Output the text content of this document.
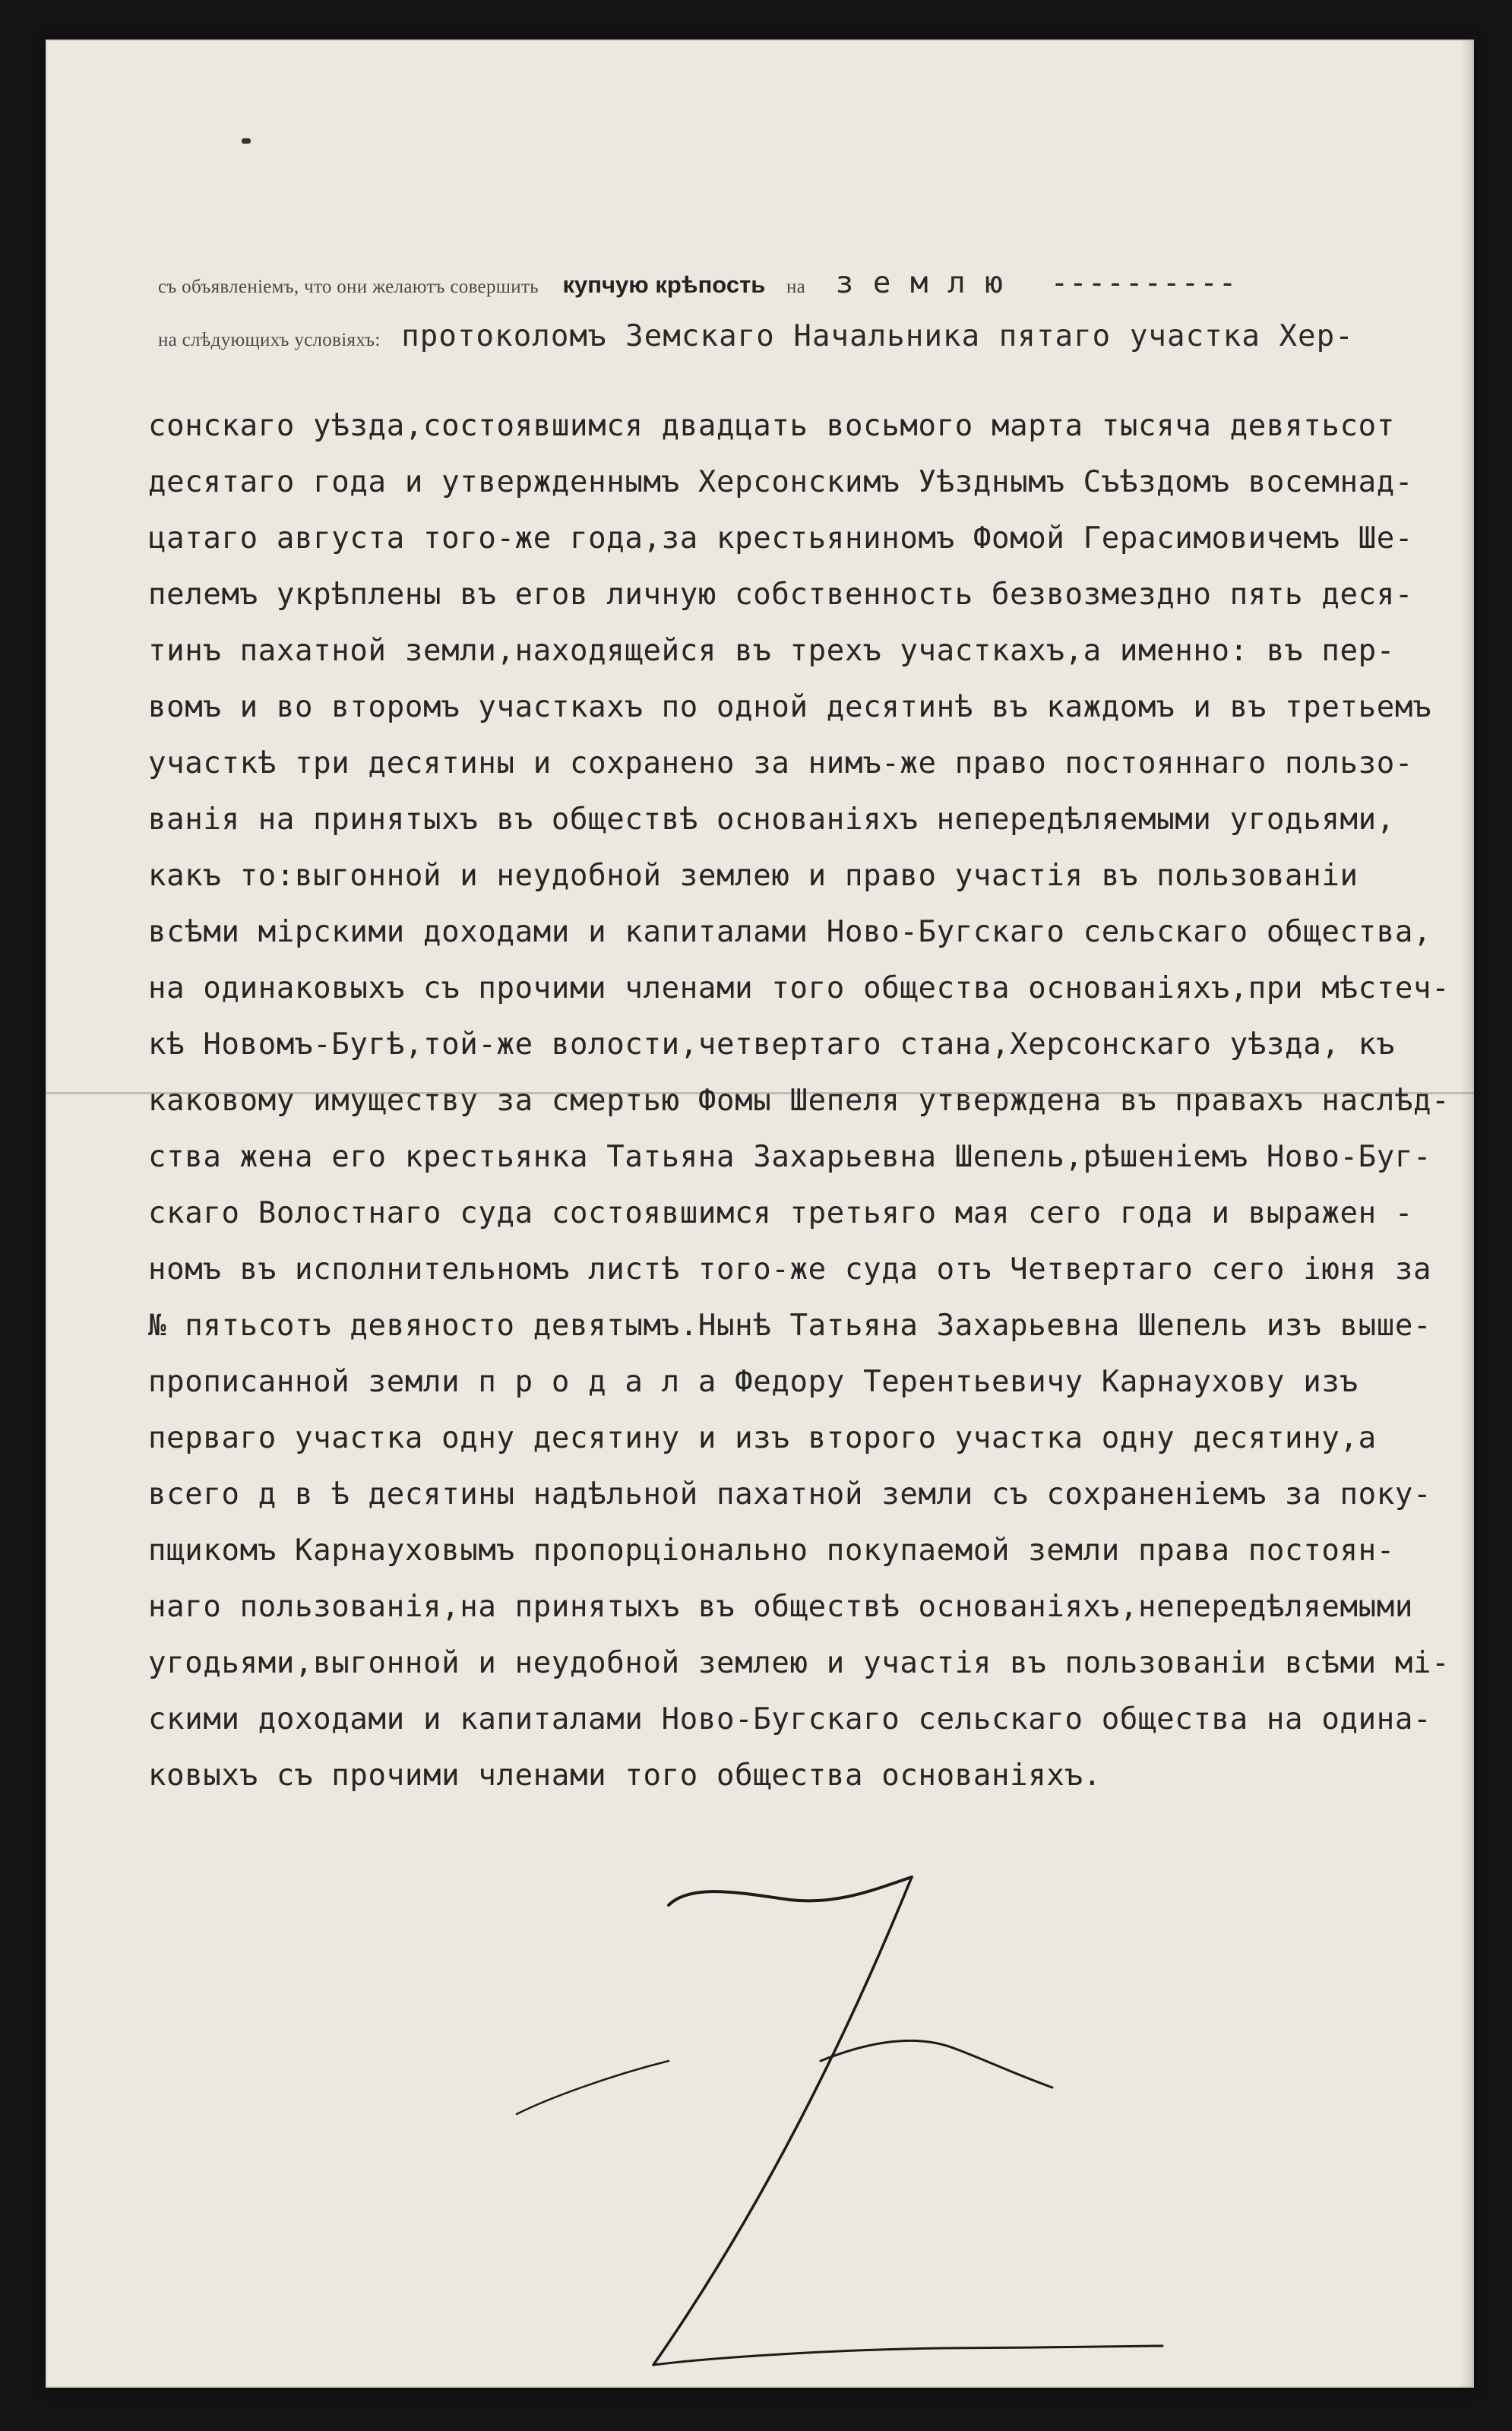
съ объявленіемъ, что они желаютъ совершить купчую крѣпость на з е м л ю ----------
на слѣдующихъ условіяхъ: протоколомъ Земскаго Начальника пятаго участка Хер-
сонскаго уѣзда,состоявшимся двадцать восьмого марта тысяча девятьсот
десятаго года и утвержденнымъ Херсонскимъ Уѣзднымъ Съѣздомъ восемнад-
цатаго августа того-же года,за крестьяниномъ Фомой Герасимовичемъ Ше-
пелемъ укрѣплены въ егов личную собственность безвозмездно пять деся-
тинъ пахатной земли,находящейся въ трехъ участкахъ,а именно: въ пер-
вомъ и во второмъ участкахъ по одной десятинѣ въ каждомъ и въ третьемъ
участкѣ три десятины и сохранено за нимъ-же право постояннаго пользо-
ванія на принятыхъ въ обществѣ основаніяхъ непередѣляемыми угодьями,
какъ то:выгонной и неудобной землею и право участія въ пользованіи
всѣми мірскими доходами и капиталами Ново-Бугскаго сельскаго общества,
на одинаковыхъ съ прочими членами того общества основаніяхъ,при мѣстеч-
кѣ Новомъ-Бугѣ,той-же волости,четвертаго стана,Херсонскаго уѣзда, къ
каковому имуществу за смертью Фомы Шепеля утверждена въ правахъ наслѣд-
ства жена его крестьянка Татьяна Захарьевна Шепель,рѣшеніемъ Ново-Буг-
скаго Волостнаго суда состоявшимся третьяго мая сего года и выражен -
номъ въ исполнительномъ листѣ того-же суда отъ Четвертаго сего іюня за
№ пятьсотъ девяносто девятымъ.Нынѣ Татьяна Захарьевна Шепель изъ выше-
прописанной земли п р о д а л а Федору Терентьевичу Карнаухову изъ
перваго участка одну десятину и изъ второго участка одну десятину,а
всего д в ѣ десятины надѣльной пахатной земли съ сохраненіемъ за поку-
пщикомъ Карнауховымъ пропорціонально покупаемой земли права постоян-
наго пользованія,на принятыхъ въ обществѣ основаніяхъ,непередѣляемыми
угодьями,выгонной и неудобной землею и участія въ пользованіи всѣми мі-
скими доходами и капиталами Ново-Бугскаго сельскаго общества на одина-
ковыхъ съ прочими членами того общества основаніяхъ.
